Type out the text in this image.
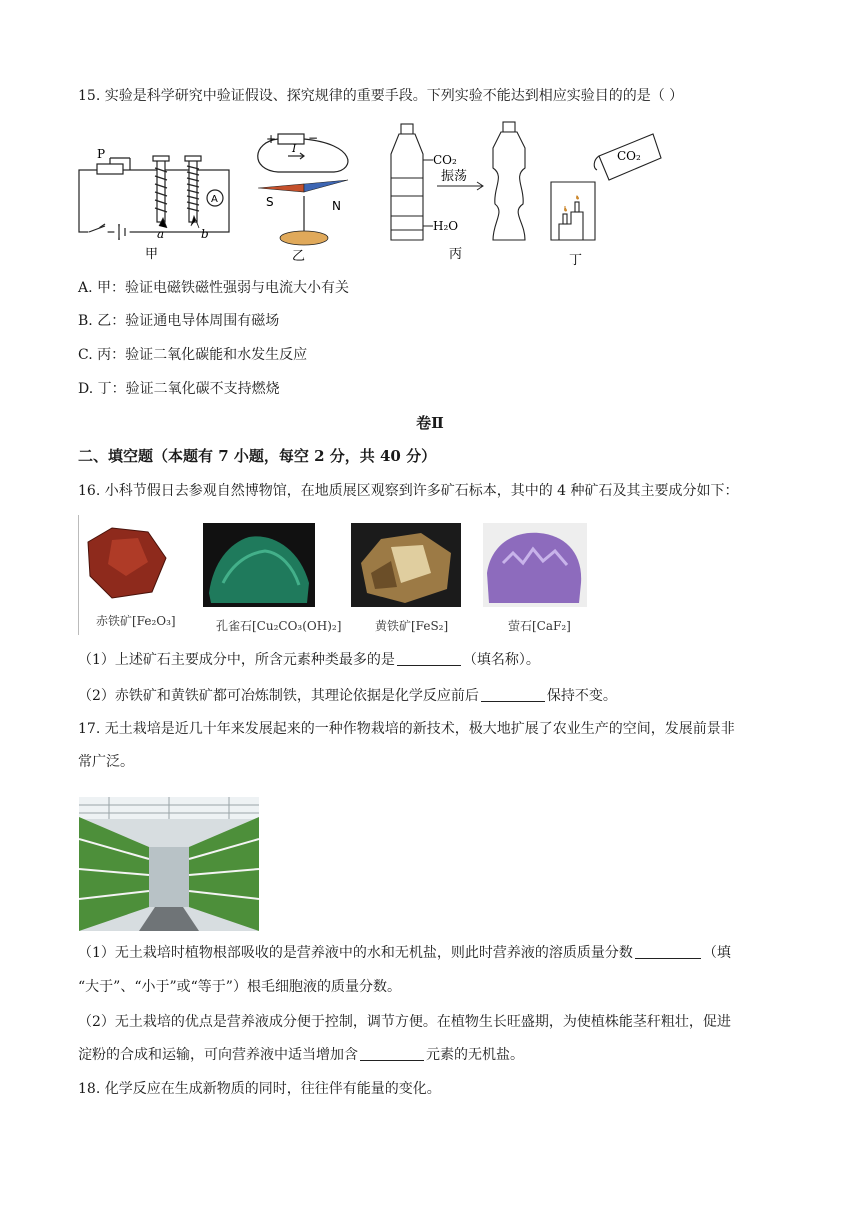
15. 实验是科学研究中验证假设、探究规律的重要手段。下列实验不能达到相应实验目的的是（ ）
P
A
a	b
甲
+	−
I
S	N
乙
CO₂
H₂O
振荡
丙
CO₂
丁
A. 甲：验证电磁铁磁性强弱与电流大小有关
B. 乙：验证通电导体周围有磁场
C. 丙：验证二氧化碳能和水发生反应
D. 丁：验证二氧化碳不支持燃烧
卷Ⅱ
二、填空题（本题有 7 小题，每空 2 分，共 40 分）
16. 小科节假日去参观自然博物馆，在地质展区观察到许多矿石标本，其中的 4 种矿石及其主要成分如下：
赤铁矿[Fe₂O₃]	孔雀石[Cu₂CO₃(OH)₂]	黄铁矿[FeS₂]	萤石[CaF₂]
（1）上述矿石主要成分中，所含元素种类最多的是	（填名称）。
（2）赤铁矿和黄铁矿都可冶炼制铁，其理论依据是化学反应前后	保持不变。
17. 无土栽培是近几十年来发展起来的一种作物栽培的新技术，极大地扩展了农业生产的空间，发展前景非
常广泛。
（1）无土栽培时植物根部吸收的是营养液中的水和无机盐，则此时营养液的溶质质量分数	（填
“大于”、“小于”或“等于”）根毛细胞液的质量分数。
（2）无土栽培的优点是营养液成分便于控制，调节方便。在植物生长旺盛期，为使植株能茎秆粗壮，促进
淀粉的合成和运输，可向营养液中适当增加含	元素的无机盐。
18. 化学反应在生成新物质的同时，往往伴有能量的变化。
